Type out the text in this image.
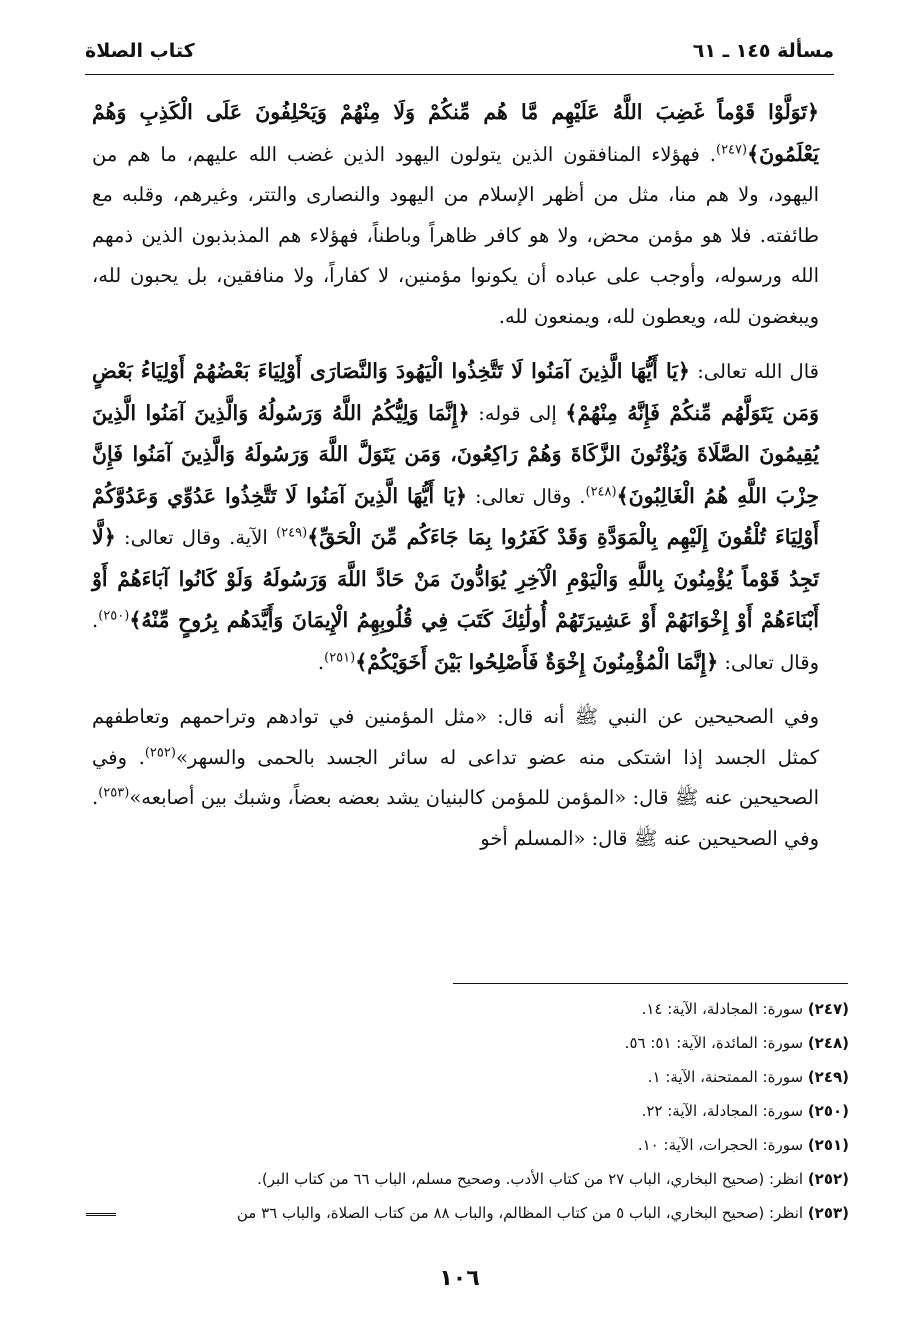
مسألة ١٤٥ ـ ٦١
كتاب الصلاة

﴿تَوَلَّوْا قَوْماً غَضِبَ اللَّهُ عَلَيْهِم مَّا هُم مِّنكُمْ وَلَا مِنْهُمْ وَيَحْلِفُونَ عَلَى الْكَذِبِ وَهُمْ يَعْلَمُونَ﴾$^{(٢٤٧)}$. فهؤلاء المنافقون الذين يتولون اليهود الذين غضب الله عليهم، ما هم من اليهود، ولا هم منا، مثل من أظهر الإسلام من اليهود والنصارى والتتر، وغيرهم، وقلبه مع طائفته. فلا هو مؤمن محض، ولا هو كافر ظاهراً وباطناً، فهؤلاء هم المذبذبون الذين ذمهم الله ورسوله، وأوجب على عباده أن يكونوا مؤمنين، لا كفاراً، ولا منافقين، بل يحبون لله، ويبغضون لله، ويعطون لله، ويمنعون لله.

قال الله تعالى: ﴿يَا أَيُّهَا الَّذِينَ آمَنُوا لَا تَتَّخِذُوا الْيَهُودَ وَالنَّصَارَى أَوْلِيَاءَ بَعْضُهُمْ أَوْلِيَاءُ بَعْضٍ وَمَن يَتَوَلَّهُم مِّنكُمْ فَإِنَّهُ مِنْهُمْ﴾ إلى قوله: ﴿إِنَّمَا وَلِيُّكُمُ اللَّهُ وَرَسُولُهُ وَالَّذِينَ آمَنُوا الَّذِينَ يُقِيمُونَ الصَّلَاةَ وَيُؤْتُونَ الزَّكَاةَ وَهُمْ رَاكِعُونَ، وَمَن يَتَوَلَّ اللَّهَ وَرَسُولَهُ وَالَّذِينَ آمَنُوا فَإِنَّ حِزْبَ اللَّهِ هُمُ الْغَالِبُونَ﴾$^{(٢٤٨)}$. وقال تعالى: ﴿يَا أَيُّهَا الَّذِينَ آمَنُوا لَا تَتَّخِذُوا عَدُوِّي وَعَدُوَّكُمْ أَوْلِيَاءَ تُلْقُونَ إِلَيْهِم بِالْمَوَدَّةِ وَقَدْ كَفَرُوا بِمَا جَاءَكُم مِّنَ الْحَقِّ﴾$^{(٢٤٩)}$ الآية. وقال تعالى: ﴿لَّا تَجِدُ قَوْماً يُؤْمِنُونَ بِاللَّهِ وَالْيَوْمِ الْآخِرِ يُوَادُّونَ مَنْ حَادَّ اللَّهَ وَرَسُولَهُ وَلَوْ كَانُوا آبَاءَهُمْ أَوْ أَبْنَاءَهُمْ أَوْ إِخْوَانَهُمْ أَوْ عَشِيرَتَهُمْ أُولَٰئِكَ كَتَبَ فِي قُلُوبِهِمُ الْإِيمَانَ وَأَيَّدَهُم بِرُوحٍ مِّنْهُ﴾$^{(٢٥٠)}$. وقال تعالى: ﴿إِنَّمَا الْمُؤْمِنُونَ إِخْوَةٌ فَأَصْلِحُوا بَيْنَ أَخَوَيْكُمْ﴾$^{(٢٥١)}$.

وفي الصحيحين عن النبي ﷺ أنه قال: «مثل المؤمنين في توادهم وتراحمهم وتعاطفهم كمثل الجسد إذا اشتكى منه عضو تداعى له سائر الجسد بالحمى والسهر»$^{(٢٥٢)}$. وفي الصحيحين عنه ﷺ قال: «المؤمن للمؤمن كالبنيان يشد بعضه بعضاً، وشبك بين أصابعه»$^{(٢٥٣)}$. وفي الصحيحين عنه ﷺ قال: «المسلم أخو

(٢٤٧) سورة: المجادلة، الآية: ١٤.
(٢٤٨) سورة: المائدة، الآية: ٥١: ٥٦.
(٢٤٩) سورة: الممتحنة، الآية: ١.
(٢٥٠) سورة: المجادلة، الآية: ٢٢.
(٢٥١) سورة: الحجرات، الآية: ١٠.
(٢٥٢) انظر: (صحيح البخاري، الباب ٢٧ من كتاب الأدب. وصحيح مسلم، الباب ٦٦ من كتاب البر).
(٢٥٣) انظر: (صحيح البخاري، الباب ٥ من كتاب المظالم، والباب ٨٨ من كتاب الصلاة، والباب ٣٦ من
١٠٦
